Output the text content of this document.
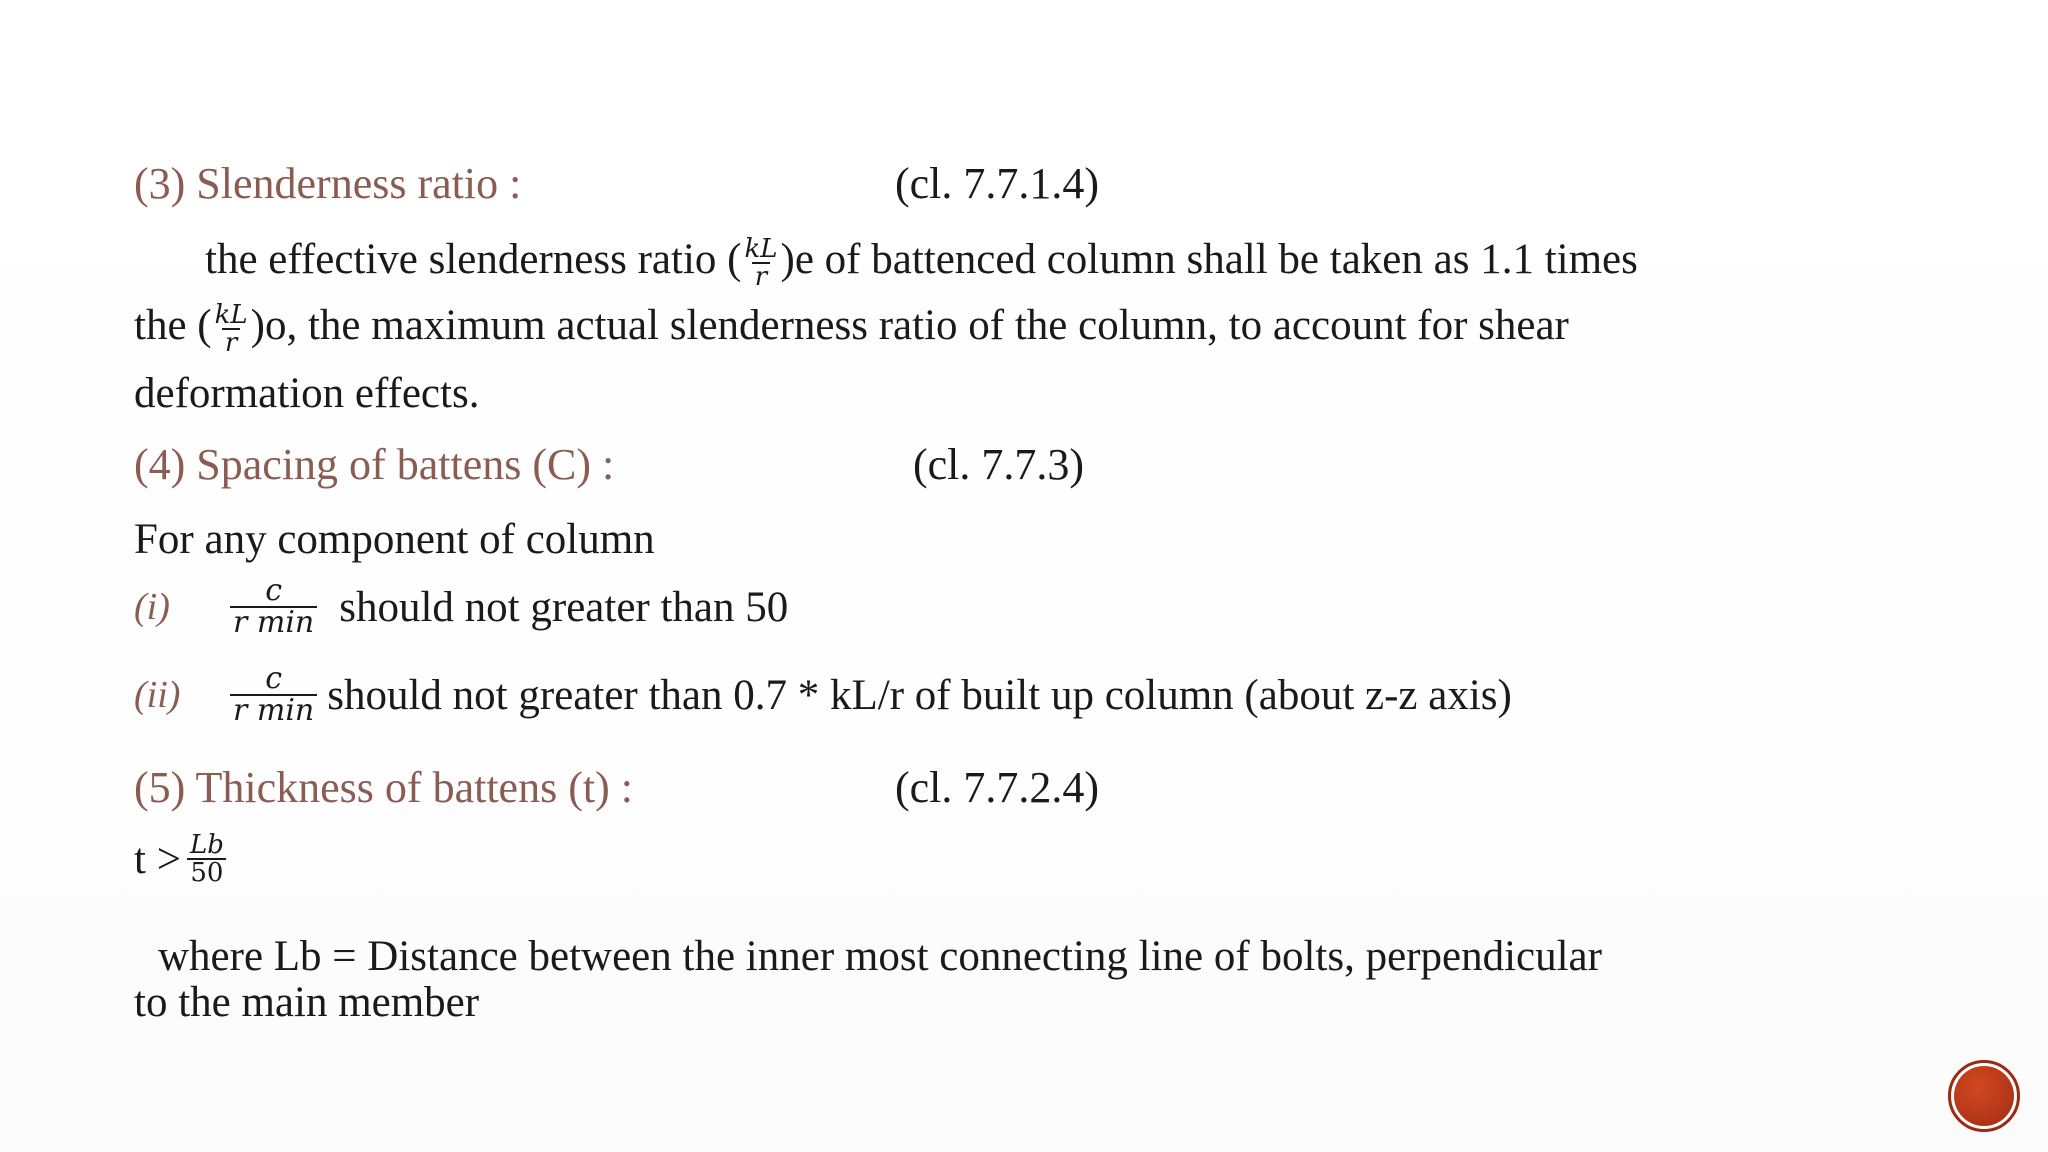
(3) Slenderness ratio :	(cl. 7.7.1.4)
the effective slenderness ratio ( $\frac{kL}{r} )e$ of battenced column shall be taken as 1.1 times
the ( $\frac{kL}{r} )o$, the maximum actual slenderness ratio of the column, to account for shear
deformation effects.
(4) Spacing of battens (C) :	(cl. 7.7.3)
For any component of column
(i)	$\frac{c}{\text{r min}}$ should not greater than 50
(ii)	$\frac{c}{\text{r min}}$ should not greater than 0.7 * kL/r of built up column (about z-z axis)
(5) Thickness of battens (t) :	(cl. 7.7.2.4)
$t > \frac{Lb}{50}$
where Lb = Distance between the inner most connecting line of bolts, perpendicular
to the main member
